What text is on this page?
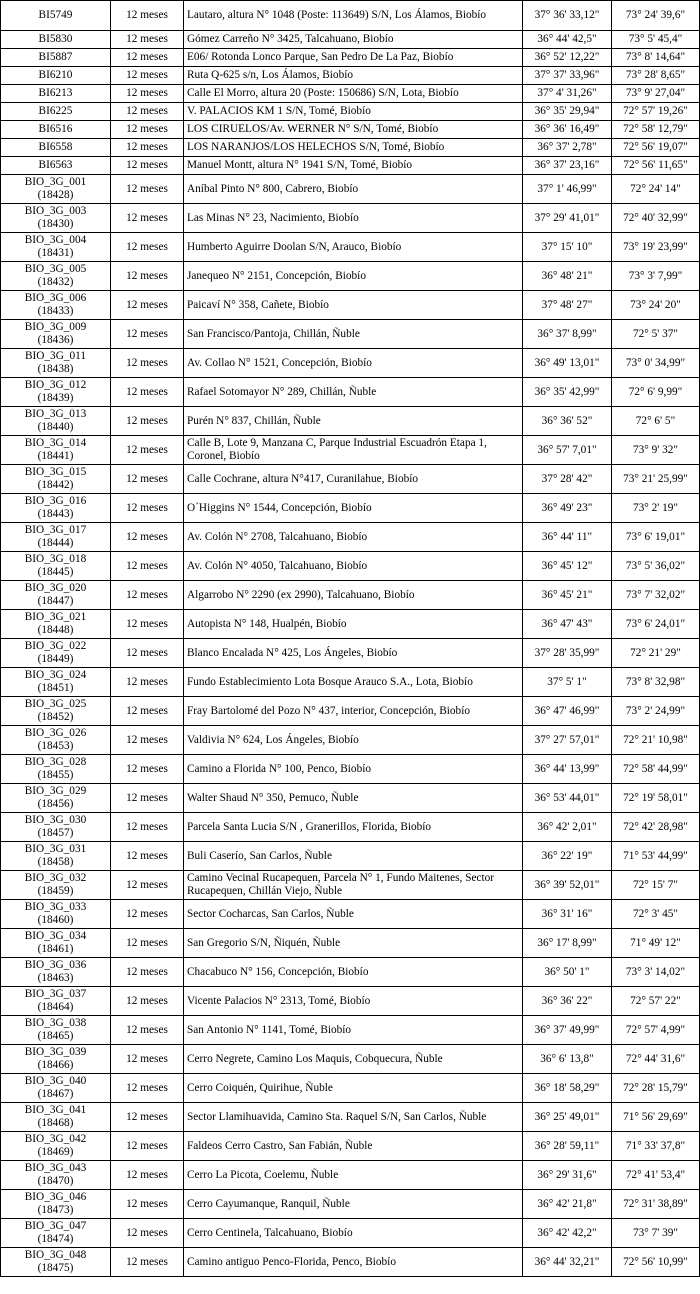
BI5749	12 meses	Lautaro, altura N° 1048 (Poste: 113649) S/N, Los Álamos, Biobío	37° 36' 33,12"	73° 24' 39,6"

BI5830	12 meses	Gómez Carreño N° 3425, Talcahuano, Biobío	36° 44' 42,5"	73° 5' 45,4"

BI5887	12 meses	E06/ Rotonda Lonco Parque, San Pedro De La Paz, Biobío	36° 52' 12,22"	73° 8' 14,64"

BI6210	12 meses	Ruta Q-625 s/n, Los Álamos, Biobío	37° 37' 33,96"	73° 28' 8,65"

BI6213	12 meses	Calle El Morro, altura 20 (Poste: 150686) S/N, Lota, Biobío	37° 4' 31,26"	73° 9' 27,04"

BI6225	12 meses	V. PALACIOS KM 1 S/N, Tomé, Biobío	36° 35' 29,94"	72° 57' 19,26"

BI6516	12 meses	LOS CIRUELOS/Av. WERNER N° S/N, Tomé, Biobío	36° 36' 16,49"	72° 58' 12,79"

BI6558	12 meses	LOS NARANJOS/LOS HELECHOS S/N, Tomé, Biobío	36° 37' 2,78"	72° 56' 19,07"

BI6563	12 meses	Manuel Montt, altura N° 1941 S/N, Tomé, Biobío	36° 37' 23,16"	72° 56' 11,65"

BIO_3G_001
(18428)	12 meses	Aníbal Pinto N° 800, Cabrero, Biobío	37° 1' 46,99"	72° 24' 14"

BIO_3G_003
(18430)	12 meses	Las Minas N° 23, Nacimiento, Biobío	37° 29' 41,01"	72° 40' 32,99"

BIO_3G_004
(18431)	12 meses	Humberto Aguirre Doolan S/N, Arauco, Biobío	37° 15' 10"	73° 19' 23,99"

BIO_3G_005
(18432)	12 meses	Janequeo N° 2151, Concepción, Biobío	36° 48' 21"	73° 3' 7,99"

BIO_3G_006
(18433)	12 meses	Paicaví N° 358, Cañete, Biobío	37° 48' 27"	73° 24' 20"

BIO_3G_009
(18436)	12 meses	San Francisco/Pantoja, Chillán, Ñuble	36° 37' 8,99"	72° 5' 37"

BIO_3G_011
(18438)	12 meses	Av. Collao N° 1521, Concepción, Biobío	36° 49' 13,01"	73° 0' 34,99"

BIO_3G_012
(18439)	12 meses	Rafael Sotomayor N° 289, Chillán, Ñuble	36° 35' 42,99"	72° 6' 9,99"

BIO_3G_013
(18440)	12 meses	Purén N° 837, Chillán, Ñuble	36° 36' 52"	72° 6' 5"

BIO_3G_014
(18441)	12 meses	Calle B, Lote 9, Manzana C, Parque Industrial Escuadrón Etapa 1, Coronel, Biobío	36° 57' 7,01"	73° 9' 32"

BIO_3G_015
(18442)	12 meses	Calle Cochrane, altura N°417, Curanilahue, Biobío	37° 28' 42"	73° 21' 25,99"

BIO_3G_016
(18443)	12 meses	O´Higgins N° 1544, Concepción, Biobío	36° 49' 23"	73° 2' 19"

BIO_3G_017
(18444)	12 meses	Av. Colón N° 2708, Talcahuano, Biobío	36° 44' 11"	73° 6' 19,01"

BIO_3G_018
(18445)	12 meses	Av. Colón N° 4050, Talcahuano, Biobío	36° 45' 12"	73° 5' 36,02"

BIO_3G_020
(18447)	12 meses	Algarrobo N° 2290 (ex 2990), Talcahuano, Biobío	36° 45' 21"	73° 7' 32,02"

BIO_3G_021
(18448)	12 meses	Autopista N° 148, Hualpén, Biobío	36° 47' 43"	73° 6' 24,01"

BIO_3G_022
(18449)	12 meses	Blanco Encalada N° 425, Los Ángeles, Biobío	37° 28' 35,99"	72° 21' 29"

BIO_3G_024
(18451)	12 meses	Fundo Establecimiento Lota Bosque Arauco S.A., Lota, Biobío	37° 5' 1"	73° 8' 32,98"

BIO_3G_025
(18452)	12 meses	Fray Bartolomé del Pozo N° 437, interior, Concepción, Biobío	36° 47' 46,99"	73° 2' 24,99"

BIO_3G_026
(18453)	12 meses	Valdivia N° 624, Los Ángeles, Biobío	37° 27' 57,01"	72° 21' 10,98"

BIO_3G_028
(18455)	12 meses	Camino a Florida N° 100, Penco, Biobío	36° 44' 13,99"	72° 58' 44,99"

BIO_3G_029
(18456)	12 meses	Walter Shaud N° 350, Pemuco, Ñuble	36° 53' 44,01"	72° 19' 58,01"

BIO_3G_030
(18457)	12 meses	Parcela Santa Lucia S/N , Granerillos, Florida, Biobío	36° 42' 2,01"	72° 42' 28,98"

BIO_3G_031
(18458)	12 meses	Buli Caserío, San Carlos, Ñuble	36° 22' 19"	71° 53' 44,99"

BIO_3G_032
(18459)	12 meses	Camino Vecinal Rucapequen, Parcela N° 1, Fundo Maitenes, Sector Rucapequen, Chillán Viejo, Ñuble	36° 39' 52,01"	72° 15' 7"

BIO_3G_033
(18460)	12 meses	Sector Cocharcas, San Carlos, Ñuble	36° 31' 16"	72° 3' 45"

BIO_3G_034
(18461)	12 meses	San Gregorio S/N, Ñiquén, Ñuble	36° 17' 8,99"	71° 49' 12"

BIO_3G_036
(18463)	12 meses	Chacabuco N° 156, Concepción, Biobío	36° 50' 1"	73° 3' 14,02"

BIO_3G_037
(18464)	12 meses	Vicente Palacios N° 2313, Tomé, Biobío	36° 36' 22"	72° 57' 22"

BIO_3G_038
(18465)	12 meses	San Antonio N° 1141, Tomé, Biobío	36° 37' 49,99"	72° 57' 4,99"

BIO_3G_039
(18466)	12 meses	Cerro Negrete, Camino Los Maquis, Cobquecura, Ñuble	36° 6' 13,8"	72° 44' 31,6"

BIO_3G_040
(18467)	12 meses	Cerro Coiquén, Quirihue, Ñuble	36° 18' 58,29"	72° 28' 15,79"

BIO_3G_041
(18468)	12 meses	Sector Llamihuavida, Camino Sta. Raquel S/N, San Carlos, Ñuble	36° 25' 49,01"	71° 56' 29,69"

BIO_3G_042
(18469)	12 meses	Faldeos Cerro Castro, San Fabián, Ñuble	36° 28' 59,11"	71° 33' 37,8"

BIO_3G_043
(18470)	12 meses	Cerro La Picota, Coelemu, Ñuble	36° 29' 31,6"	72° 41' 53,4"

BIO_3G_046
(18473)	12 meses	Cerro Cayumanque, Ranquil, Ñuble	36° 42' 21,8"	72° 31' 38,89"

BIO_3G_047
(18474)	12 meses	Cerro Centinela, Talcahuano, Biobío	36° 42' 42,2"	73° 7' 39"

BIO_3G_048
(18475)	12 meses	Camino antiguo Penco-Florida, Penco, Biobío	36° 44' 32,21"	72° 56' 10,99"
